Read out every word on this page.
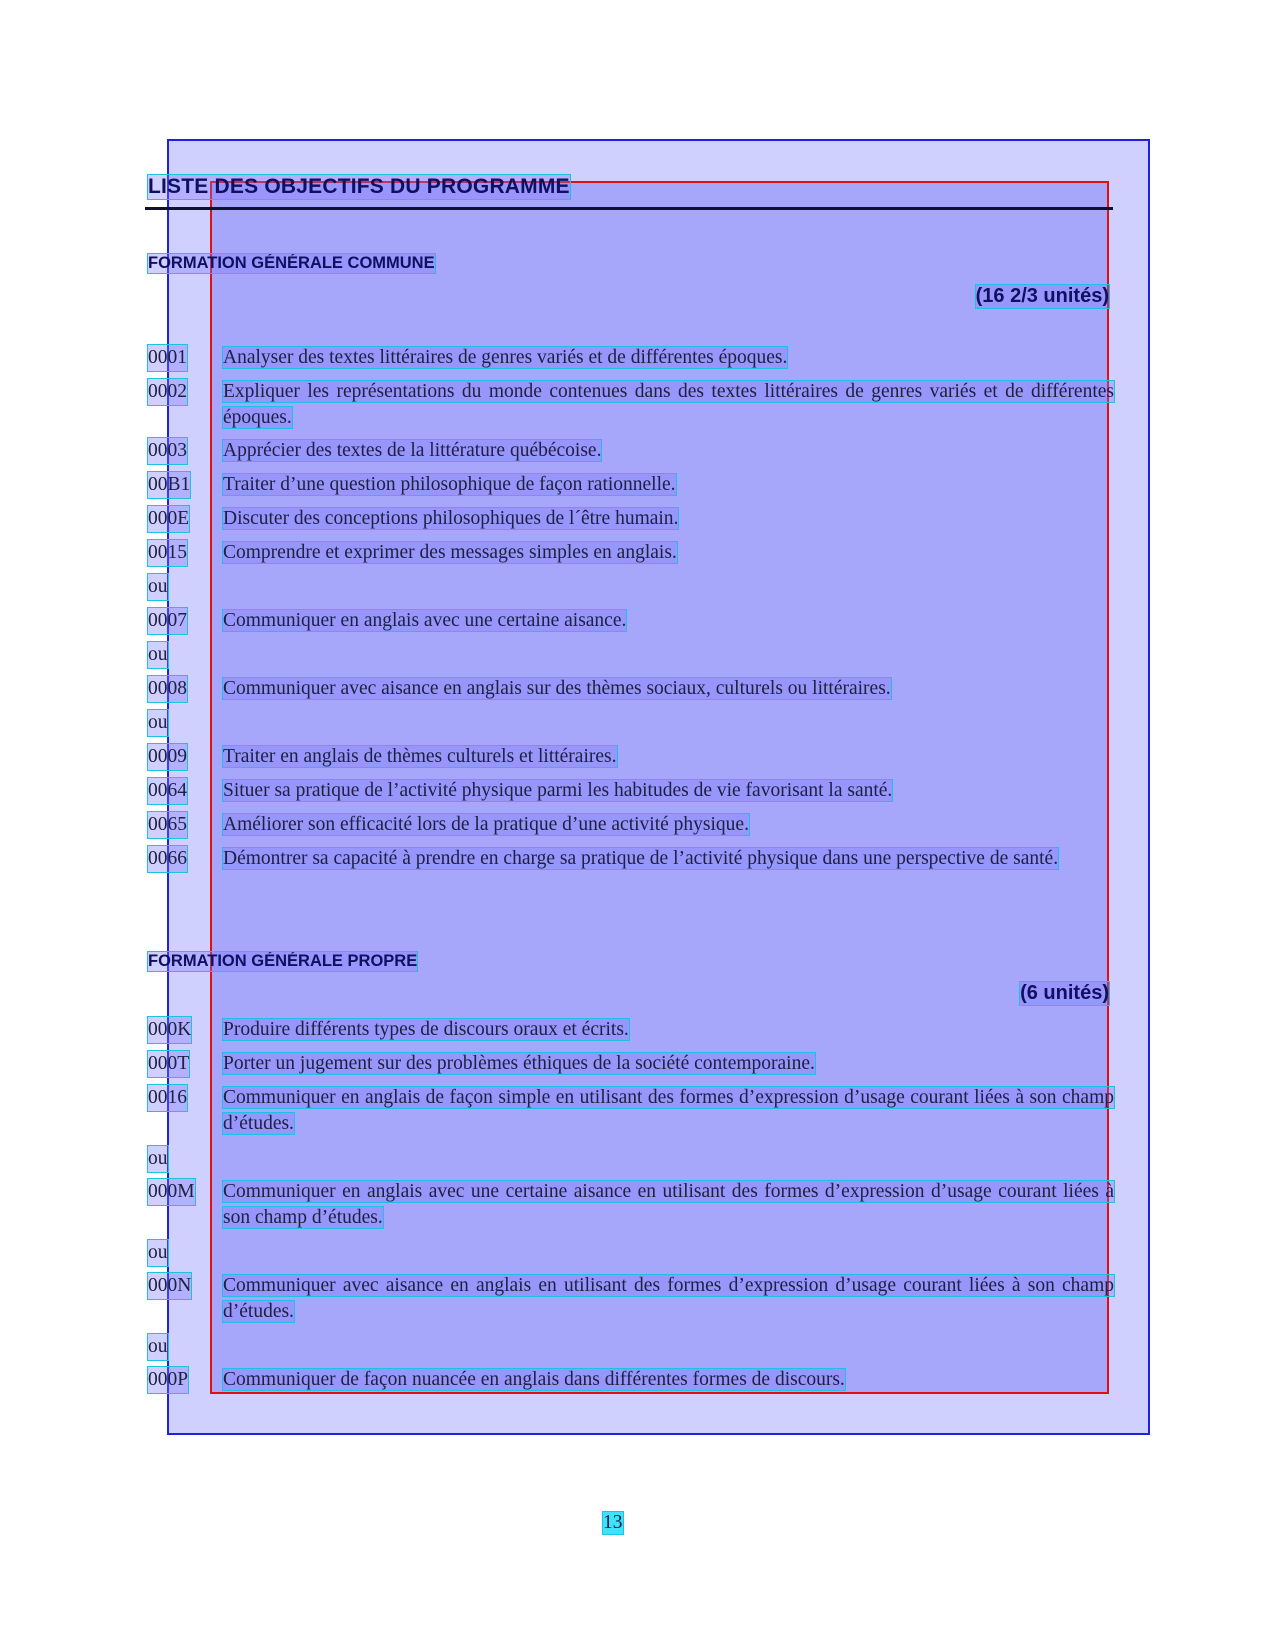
LISTE DES OBJECTIFS DU PROGRAMME
FORMATION GÉNÉRALE COMMUNE
(16 2/3 unités)
0001 Analyser des textes littéraires de genres variés et de différentes époques.
0002 Expliquer les représentations du monde contenues dans des textes littéraires de genres variés et de différentes époques.
0003 Apprécier des textes de la littérature québécoise.
00B1 Traiter d’une question philosophique de façon rationnelle.
000E Discuter des conceptions philosophiques de l´être humain.
0015 Comprendre et exprimer des messages simples en anglais.
ou
0007 Communiquer en anglais avec une certaine aisance.
ou
0008 Communiquer avec aisance en anglais sur des thèmes sociaux, culturels ou littéraires.
ou
0009 Traiter en anglais de thèmes culturels et littéraires.
0064 Situer sa pratique de l’activité physique parmi les habitudes de vie favorisant la santé.
0065 Améliorer son efficacité lors de la pratique d’une activité physique.
0066 Démontrer sa capacité à prendre en charge sa pratique de l’activité physique dans une perspective de santé.
FORMATION GÉNÉRALE PROPRE
(6 unités)
000K Produire différents types de discours oraux et écrits.
000T Porter un jugement sur des problèmes éthiques de la société contemporaine.
0016 Communiquer en anglais de façon simple en utilisant des formes d’expression d’usage courant liées à son champ d’études.
ou
000M Communiquer en anglais avec une certaine aisance en utilisant des formes d’expression d’usage courant liées à son champ d’études.
ou
000N Communiquer avec aisance en anglais en utilisant des formes d’expression d’usage courant liées à son champ d’études.
ou
000P Communiquer de façon nuancée en anglais dans différentes formes de discours.
13
